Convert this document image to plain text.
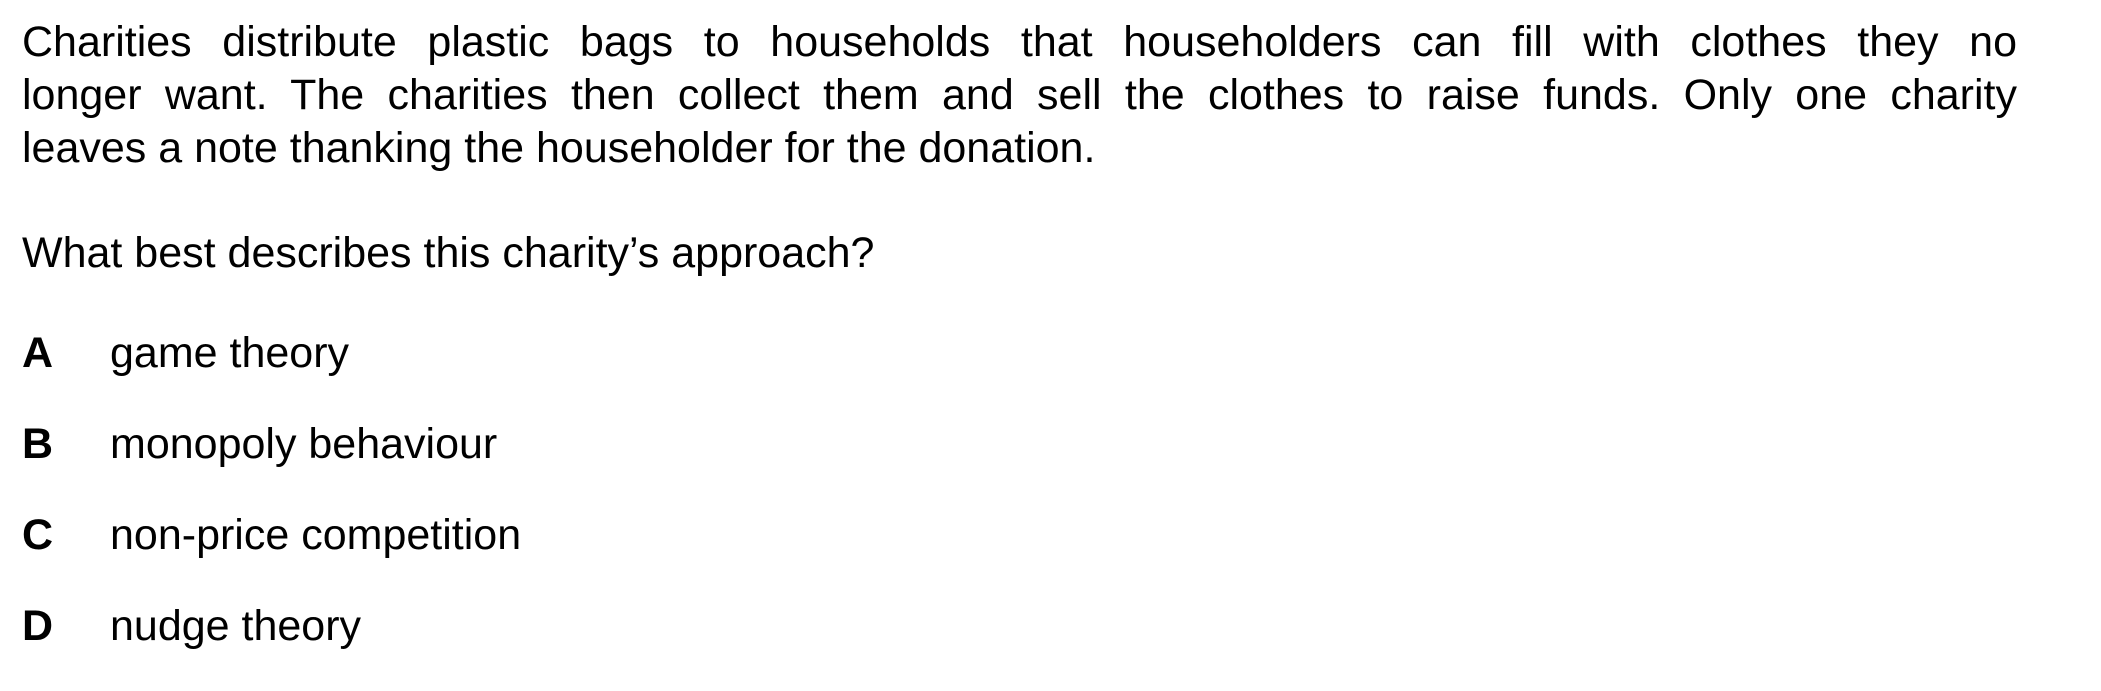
Charities distribute plastic bags to households that householders can fill with clothes they no
longer want. The charities then collect them and sell the clothes to raise funds. Only one charity
leaves a note thanking the householder for the donation.

What best describes this charity’s approach?

A game theory
B monopoly behaviour
C non-price competition
D nudge theory
